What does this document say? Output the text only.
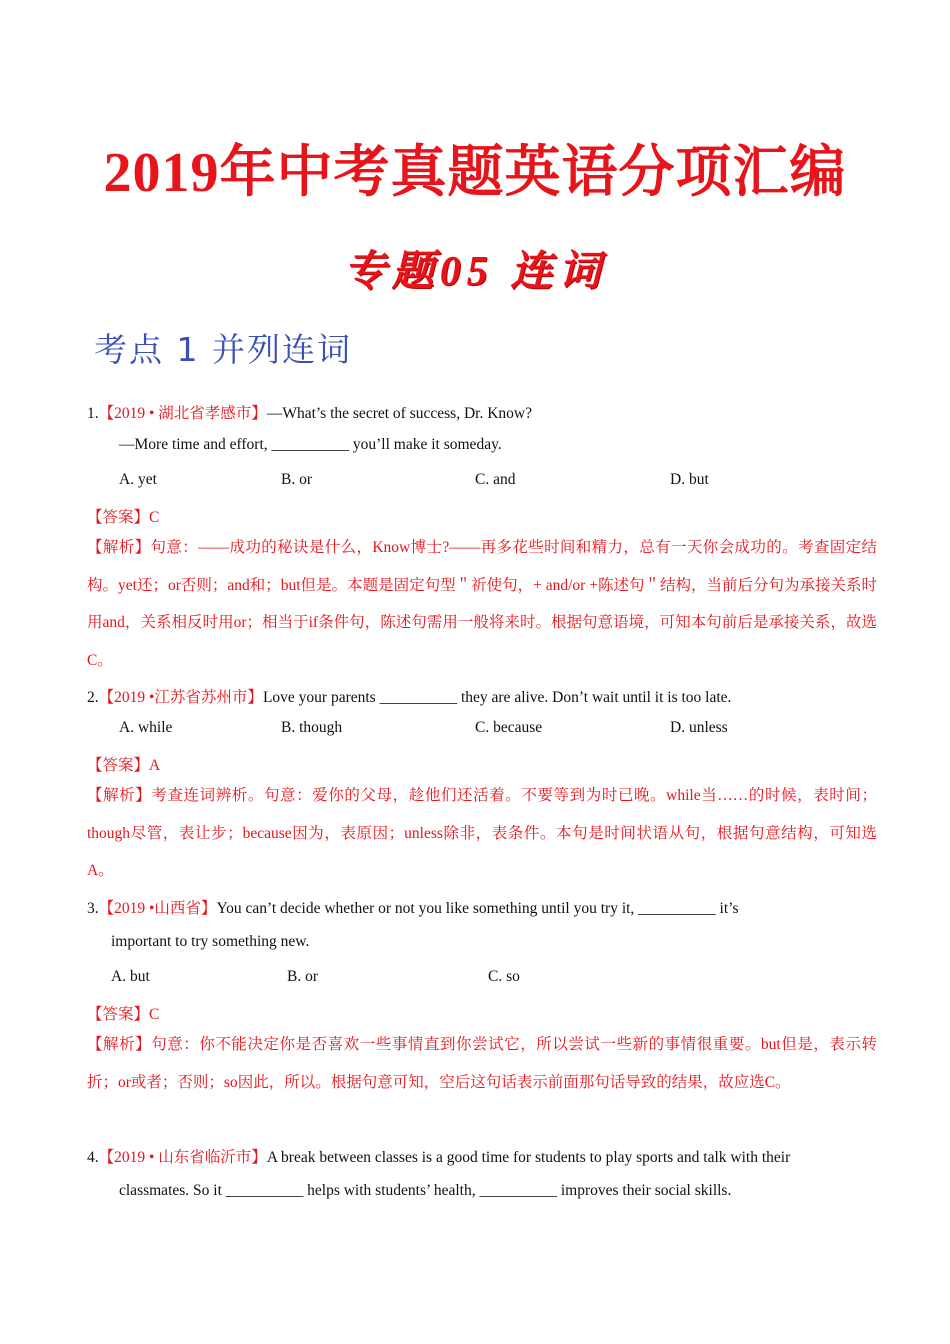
2019年中考真题英语分项汇编
专题05 连词
考点 1 并列连词
1.【2019 • 湖北省孝感市】—What’s the secret of success, Dr. Know?
—More time and effort, __________ you’ll make it someday.
A. yet	B. or	C. and	D. but
【答案】C
【解析】句意：——成功的秘诀是什么，Know博士?——再多花些时间和精力，总有一天你会成功的。考查固定结构。yet还；or否则；and和；but但是。本题是固定句型＂祈使句，+ and/or +陈述句＂结构，当前后分句为承接关系时用and，关系相反时用or；相当于if条件句，陈述句需用一般将来时。根据句意语境，可知本句前后是承接关系，故选C。
2.【2019 •江苏省苏州市】Love your parents __________ they are alive. Don’t wait until it is too late.
A. while	B. though	C. because	D. unless
【答案】A
【解析】考查连词辨析。句意：爱你的父母，趁他们还活着。不要等到为时已晚。while当……的时候，表时间；though尽管，表让步；because因为，表原因；unless除非，表条件。本句是时间状语从句，根据句意结构，可知选A。
3.【2019 •山西省】You can’t decide whether or not you like something until you try it, __________ it’s
important to try something new.
A. but	B. or	C. so
【答案】C
【解析】句意：你不能决定你是否喜欢一些事情直到你尝试它，所以尝试一些新的事情很重要。but但是，表示转折；or或者；否则；so因此，所以。根据句意可知，空后这句话表示前面那句话导致的结果，故应选C。
4.【2019 • 山东省临沂市】A break between classes is a good time for students to play sports and talk with their
classmates. So it __________ helps with students’ health, __________ improves their social skills.
